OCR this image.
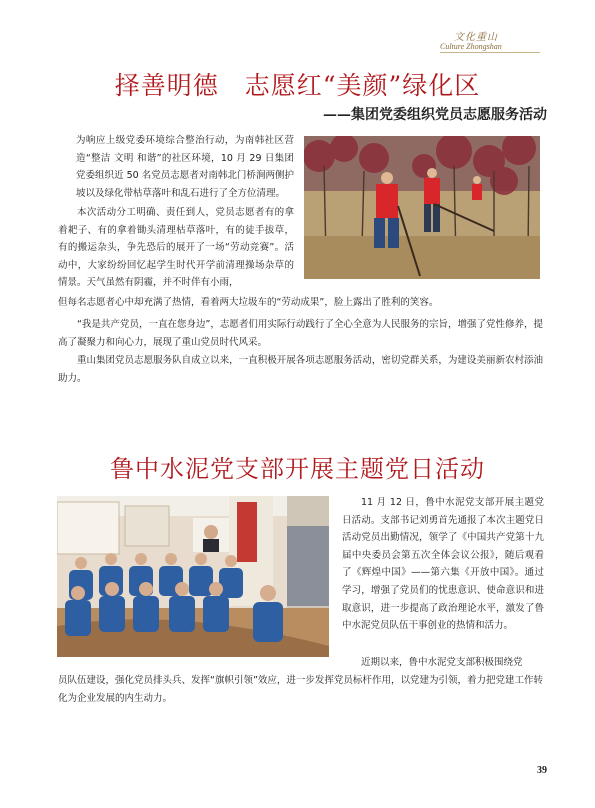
文化重山
Culture Zhongshan
择善明德　志愿红“美颜”绿化区
——集团党委组织党员志愿服务活动

为响应上级党委环境综合整治行动，为南韩社区营造“整洁 文明 和谐”的社区环境，10 月 29 日集团党委组织近 50 名党员志愿者对南韩北门桥涧两侧护坡以及绿化带枯草落叶和乱石进行了全方位清理。

本次活动分工明确、责任到人，党员志愿者有的拿着耙子、有的拿着锄头清理枯草落叶，有的徒手拔草，有的搬运杂头，争先恐后的展开了一场“劳动竞赛”。活动中，大家纷纷回忆起学生时代开学前清理操场杂草的情景。天气虽然有阴霾，并不时伴有小雨，

但每名志愿者心中却充满了热情，看着两大垃圾车的“劳动成果”，脸上露出了胜利的笑容。

“我是共产党员，一直在您身边”，志愿者们用实际行动践行了全心全意为人民服务的宗旨，增强了党性修养，提高了凝聚力和向心力，展现了重山党员时代风采。

重山集团党员志愿服务队自成立以来，一直积极开展各项志愿服务活动，密切党群关系，为建设美丽新农村添油助力。

鲁中水泥党支部开展主题党日活动

11 月 12 日，鲁中水泥党支部开展主题党日活动。支部书记刘勇首先通报了本次主题党日活动党员出勤情况，领学了《中国共产党第十九届中央委员会第五次全体会议公报》，随后观看了《辉煌中国》——第六集《开放中国》。通过学习，增强了党员们的忧患意识、使命意识和进取意识，进一步提高了政治理论水平，激发了鲁中水泥党员队伍干事创业的热情和活力。

近期以来，鲁中水泥党支部积极围绕党

员队伍建设，强化党员排头兵、发挥“旗帜引领”效应，进一步发挥党员标杆作用，以党建为引领，着力把党建工作转化为企业发展的内生动力。

39
